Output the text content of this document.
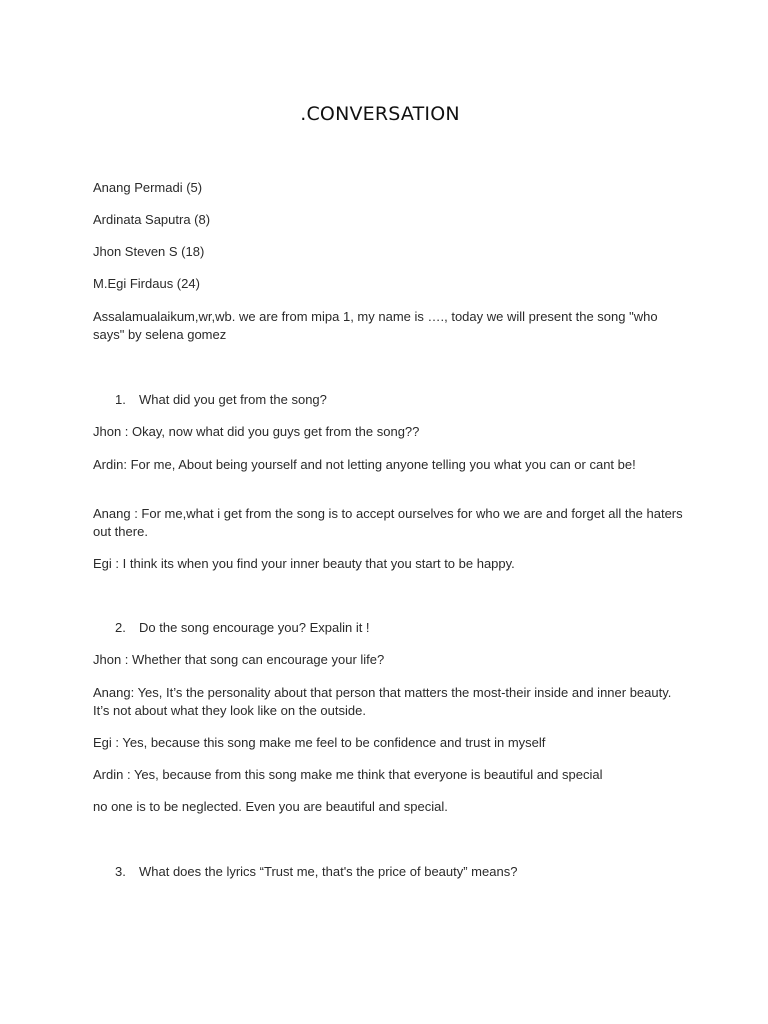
.CONVERSATION
Anang Permadi (5)
Ardinata Saputra (8)
Jhon Steven S (18)
M.Egi Firdaus (24)
Assalamualaikum,wr,wb. we are from mipa 1, my name is …., today we will present the song "who says" by selena gomez
1. What did you get from the song?
Jhon : Okay, now what did you guys get from the song??
Ardin: For me, About being yourself and not letting anyone telling you what you can or cant be!
Anang : For me,what i get from the song is to accept ourselves for who we are and forget all the haters out there.
Egi : I think its when you find your inner beauty that you start to be happy.
2. Do the song encourage you? Expalin it !
Jhon : Whether that song can encourage your life?
Anang: Yes, It’s the personality about that person that matters the most-their inside and inner beauty. It’s not about what they look like on the outside.
Egi : Yes, because this song make me feel to be confidence and trust in myself
Ardin : Yes, because from this song make me think that everyone is beautiful and special
no one is to be neglected. Even you are beautiful and special.
3. What does the lyrics “Trust me, that's the price of beauty” means?
